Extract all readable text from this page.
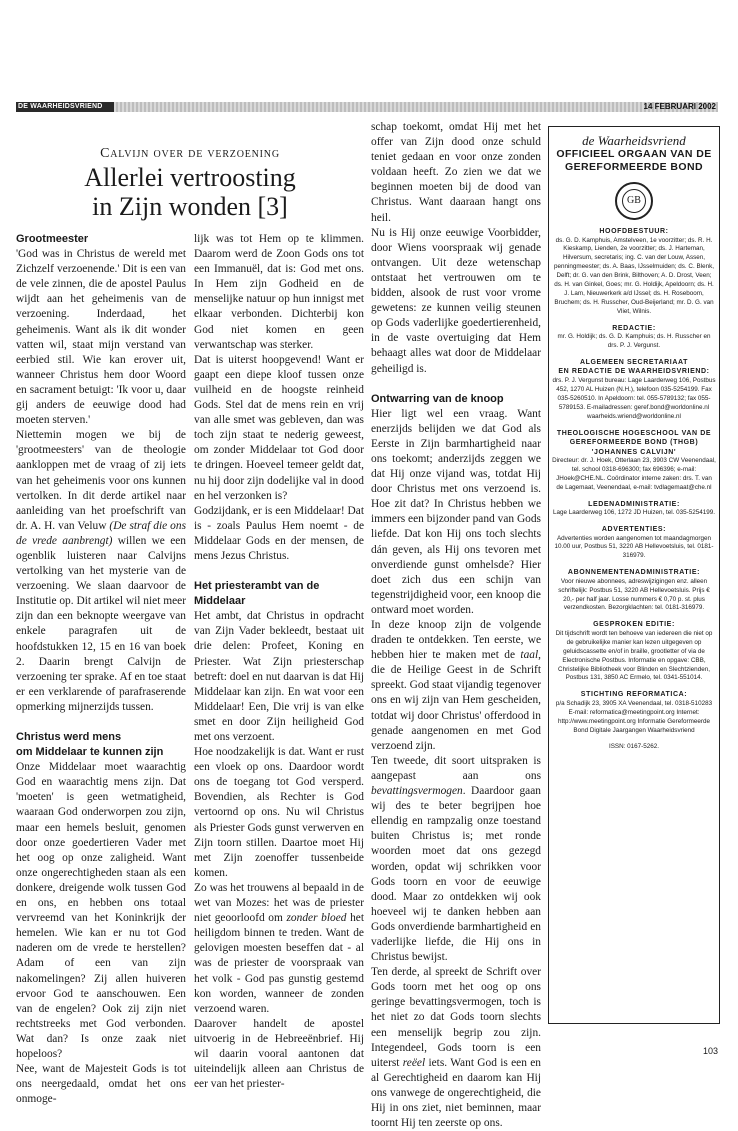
DE WAARHEIDSVRIEND	14 FEBRUARI 2002
Calvijn over de verzoening
Allerlei vertroosting
in Zijn wonden [3]
Grootmeester

'God was in Christus de wereld met Zichzelf verzoenende.' Dit is een van de vele zinnen, die de apostel Paulus wijdt aan het geheimenis van de verzoening. Inderdaad, het geheimenis. Want als ik dit wonder vatten wil, staat mijn verstand van eerbied stil. Wie kan erover uit, wanneer Christus hem door Woord en sacrament betuigt: 'Ik voor u, daar gij anders de eeuwige dood had moeten sterven.'

Niettemin mogen we bij de 'grootmeesters' van de theologie aankloppen met de vraag of zij iets van het geheimenis voor ons kunnen vertolken. In dit derde artikel naar aanleiding van het proefschrift van dr. A. H. van Veluw (De straf die ons de vrede aanbrengt) willen we een ogenblik luisteren naar Calvijns vertolking van het mysterie van de verzoening. We slaan daarvoor de Institutie op. Dit artikel wil niet meer zijn dan een beknopte weergave van enkele paragrafen uit de hoofdstukken 12, 15 en 16 van boek 2. Daarin brengt Calvijn de verzoening ter sprake. Af en toe staat er een verklarende of parafraserende opmerking mijnerzijds tussen.

Christus werd mens
om Middelaar te kunnen zijn

Onze Middelaar moet waarachtig God en waarachtig mens zijn. Dat 'moeten' is geen wetmatigheid, waaraan God onderworpen zou zijn, maar een hemels besluit, genomen door onze goedertieren Vader met het oog op onze zaligheid. Want onze ongerechtigheden staan als een donkere, dreigende wolk tussen God en ons, en hebben ons totaal vervreemd van het Koninkrijk der hemelen. Wie kan er nu tot God naderen om de vrede te herstellen? Adam of een van zijn nakomelingen? Zij allen huiveren ervoor God te aanschouwen. Een van de engelen? Ook zij zijn niet rechtstreeks met God verbonden. Wat dan? Is onze zaak niet hopeloos?

Nee, want de Majesteit Gods is tot ons neergedaald, omdat het ons onmoge-

lijk was tot Hem op te klimmen. Daarom werd de Zoon Gods ons tot een Immanuël, dat is: God met ons. In Hem zijn Godheid en de menselijke natuur op hun innigst met elkaar verbonden. Dichterbij kon God niet komen en geen verwantschap was sterker.

Dat is uiterst hoopgevend! Want er gaapt een diepe kloof tussen onze vuilheid en de hoogste reinheid Gods. Stel dat de mens rein en vrij van alle smet was gebleven, dan was toch zijn staat te nederig geweest, om zonder Middelaar tot God door te dringen. Hoeveel temeer geldt dat, nu hij door zijn dodelijke val in dood en hel verzonken is?

Godzijdank, er is een Middelaar! Dat is - zoals Paulus Hem noemt - de Middelaar Gods en der mensen, de mens Jezus Christus.

Het priesterambt van de Middelaar

Het ambt, dat Christus in opdracht van Zijn Vader bekleedt, bestaat uit drie delen: Profeet, Koning en Priester. Wat Zijn priesterschap betreft: doel en nut daarvan is dat Hij Middelaar kan zijn. En wat voor een Middelaar! Een, Die vrij is van elke smet en door Zijn heiligheid God met ons verzoent.

Hoe noodzakelijk is dat. Want er rust een vloek op ons. Daardoor wordt ons de toegang tot God versperd. Bovendien, als Rechter is God vertoornd op ons. Nu wil Christus als Priester Gods gunst verwerven en Zijn toorn stillen. Daartoe moet Hij met Zijn zoenoffer tussenbeide komen.

Zo was het trouwens al bepaald in de wet van Mozes: het was de priester niet geoorloofd om zonder bloed het heiligdom binnen te treden. Want de gelovigen moesten beseffen dat - al was de priester de voorspraak van het volk - God pas gunstig gestemd kon worden, wanneer de zonden verzoend waren.

Daarover handelt de apostel uitvoerig in de Hebreeënbrief. Hij wil daarin vooral aantonen dat uiteindelijk alleen aan Christus de eer van het priester-

schap toekomt, omdat Hij met het offer van Zijn dood onze schuld teniet gedaan en voor onze zonden voldaan heeft. Zo zien we dat we beginnen moeten bij de dood van Christus. Want daaraan hangt ons heil.

Nu is Hij onze eeuwige Voorbidder, door Wiens voorspraak wij genade ontvangen. Uit deze wetenschap ontstaat het vertrouwen om te bidden, alsook de rust voor vrome gewetens: ze kunnen veilig steunen op Gods vaderlijke goedertierenheid, in de vaste overtuiging dat Hem behaagt alles wat door de Middelaar geheiligd is.

Ontwarring van de knoop

Hier ligt wel een vraag. Want enerzijds belijden we dat God als Eerste in Zijn barmhartigheid naar ons toekomt; anderzijds zeggen we dat Hij onze vijand was, totdat Hij door Christus met ons verzoend is. Hoe zit dat? In Christus hebben we immers een bijzonder pand van Gods liefde. Dat kon Hij ons toch slechts dán geven, als Hij ons tevoren met onverdiende gunst omhelsde? Hier doet zich dus een schijn van tegenstrijdigheid voor, een knoop die ontward moet worden.

In deze knoop zijn de volgende draden te ontdekken. Ten eerste, we hebben hier te maken met de taal, die de Heilige Geest in de Schrift spreekt. God staat vijandig tegenover ons en wij zijn van Hem gescheiden, totdat wij door Christus' offerdood in genade aangenomen en met God verzoend zijn.

Ten tweede, dit soort uitspraken is aangepast aan ons bevattingsvermogen. Daardoor gaan wij des te beter begrijpen hoe ellendig en rampzalig onze toestand buiten Christus is; met ronde woorden moet dat ons gezegd worden, opdat wij schrikken voor Gods toorn en voor de eeuwige dood. Maar zo ontdekken wij ook hoeveel wij te danken hebben aan Gods onverdiende barmhartigheid en vaderlijke liefde, die Hij ons in Christus bewijst.

Ten derde, al spreekt de Schrift over Gods toorn met het oog op ons geringe bevattingsvermogen, toch is het niet zo dat Gods toorn slechts een menselijk begrip zou zijn. Integendeel, Gods toorn is een uiterst reëel iets. Want God is een en al Gerechtigheid en daarom kan Hij ons vanwege de ongerechtigheid, die Hij in ons ziet, niet beminnen, maar toornt Hij ten zeerste op ons.

de Waarheidsvriend
OFFICIEEL ORGAAN VAN DE
GEREFORMEERDE BOND
GB
HOOFDBESTUUR:
ds. G. D. Kamphuis, Amstelveen, 1e voorzitter; ds. R. H. Kieskamp, Lienden, 2e voorzitter; ds. J. Harteman, Hilversum, secretaris; ing. C. van der Louw, Assen, penningmeester; ds. A. Baas, IJsselmuiden; ds. C. Blenk, Delft; dr. G. van den Brink, Bilthoven; A. D. Drost, Veen; ds. H. van Ginkel, Goes; mr. G. Holdijk, Apeldoorn; ds. H. J. Lam, Nieuwerkerk a/d IJssel; ds. H. Roseboom, Bruchem; ds. H. Russcher, Oud-Beijerland; mr. D. G. van Vliet, Wilnis.
REDACTIE:
mr. G. Holdijk; ds. G. D. Kamphuis; ds. H. Russcher en drs. P. J. Vergunst.
ALGEMEEN SECRETARIAAT
EN REDACTIE DE WAARHEIDSVRIEND:
drs. P. J. Vergunst bureau: Lage Laarderweg 106, Postbus 452, 1270 AL Huizen (N.H.), telefoon 035-5254199. Fax 035-5260510. In Apeldoorn: tel. 055-5789132; fax 055-5789153. E-mailadressen: geref.bond@worldonline.nl waarheids.wriend@worldonline.nl
THEOLOGISCHE HOGESCHOOL VAN DE GEREFORMEERDE BOND (THGB) 'JOHANNES CALVIJN'
Directeur: dr. J. Hoek, Otterlaan 23, 3903 CW Veenendaal, tel. school 0318-696300; fax 696396; e-mail: JHoek@CHE.NL. Coördinator interne zaken: drs. T. van de Lagemaat, Veenendaal, e-mail: tvdlagemaat@che.nl
LEDENADMINISTRATIE:
Lage Laarderweg 106, 1272 JD Huizen, tel. 035-5254199.
ADVERTENTIES:
Advertenties worden aangenomen tot maandagmorgen 10.00 uur, Postbus 51, 3220 AB Hellevoetsluis, tel. 0181-316979.
ABONNEMENTENADMINISTRATIE:
Voor nieuwe abonnees, adreswijzigingen enz. alleen schriftelijk: Postbus 51, 3220 AB Hellevoetsluis. Prijs € 20,- per half jaar. Losse nummers € 0,70 p. st. plus verzendkosten. Bezorgklachten: tel. 0181-316979.
GESPROKEN EDITIE:
Dit tijdschrift wordt ten behoeve van iedereen die niet op de gebruikelijke manier kan lezen uitgegeven op geluidscassette en/of in braille, grootletter of via de Electronische Postbus. Informatie en opgave: CBB, Christelijke Bibliotheek voor Blinden en Slechtzienden, Postbus 131, 3850 AC Ermelo, tel. 0341-551014.
STICHTING REFORMATICA:
p/a Schadijk 23, 3905 XA Veenendaal, tel. 0318-510283 E-mail: reformatica@meetingpoint.org Internet: http://www.meetingpoint.org Informatie Gereformeerde Bond Digitale Jaargangen Waarheidsvriend
ISSN: 0167-5262.
103
